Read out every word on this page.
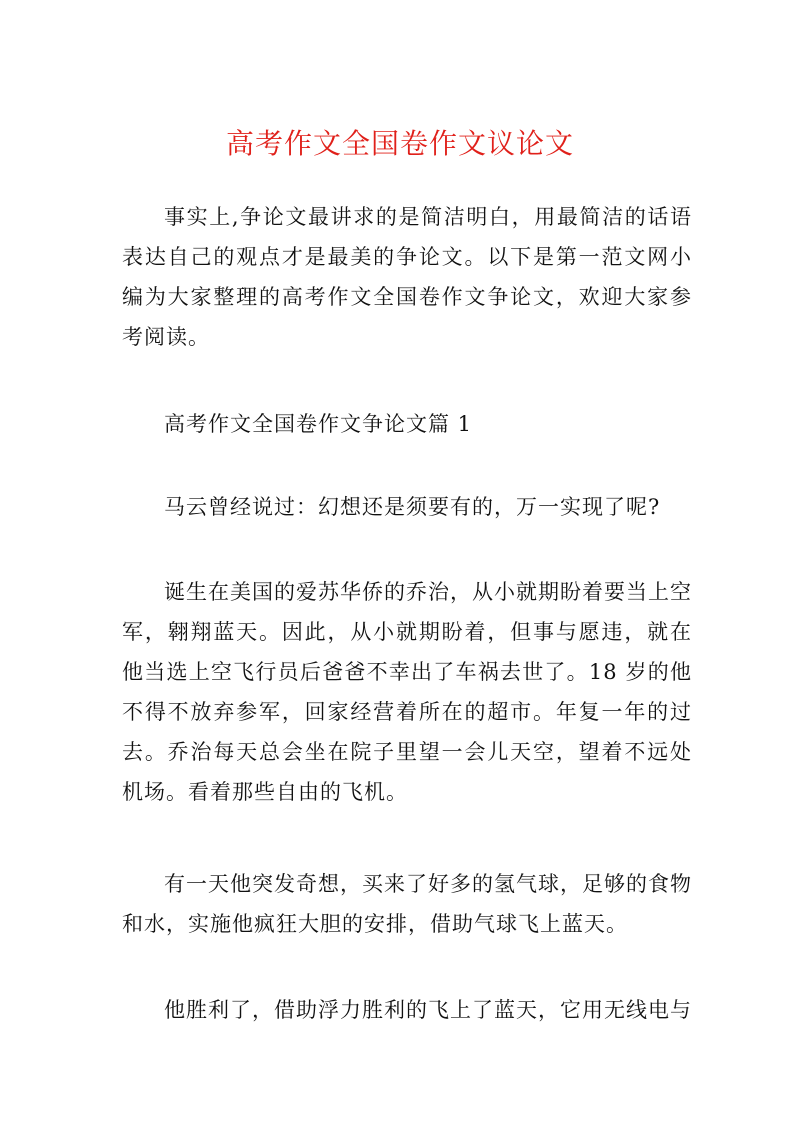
高考作文全国卷作文议论文

事实上,争论文最讲求的是简洁明白，用最简洁的话语表达自己的观点才是最美的争论文。以下是第一范文网小编为大家整理的高考作文全国卷作文争论文，欢迎大家参考阅读。

高考作文全国卷作文争论文篇 1

马云曾经说过：幻想还是须要有的，万一实现了呢?

诞生在美国的爱苏华侨的乔治，从小就期盼着要当上空军，翱翔蓝天。因此，从小就期盼着，但事与愿违，就在他当选上空飞行员后爸爸不幸出了车祸去世了。18 岁的他不得不放弃参军，回家经营着所在的超市。年复一年的过去。乔治每天总会坐在院子里望一会儿天空，望着不远处机场。看着那些自由的飞机。

有一天他突发奇想，买来了好多的氢气球，足够的食物和水，实施他疯狂大胆的安排，借助气球飞上蓝天。

他胜利了，借助浮力胜利的飞上了蓝天，它用无线电与
